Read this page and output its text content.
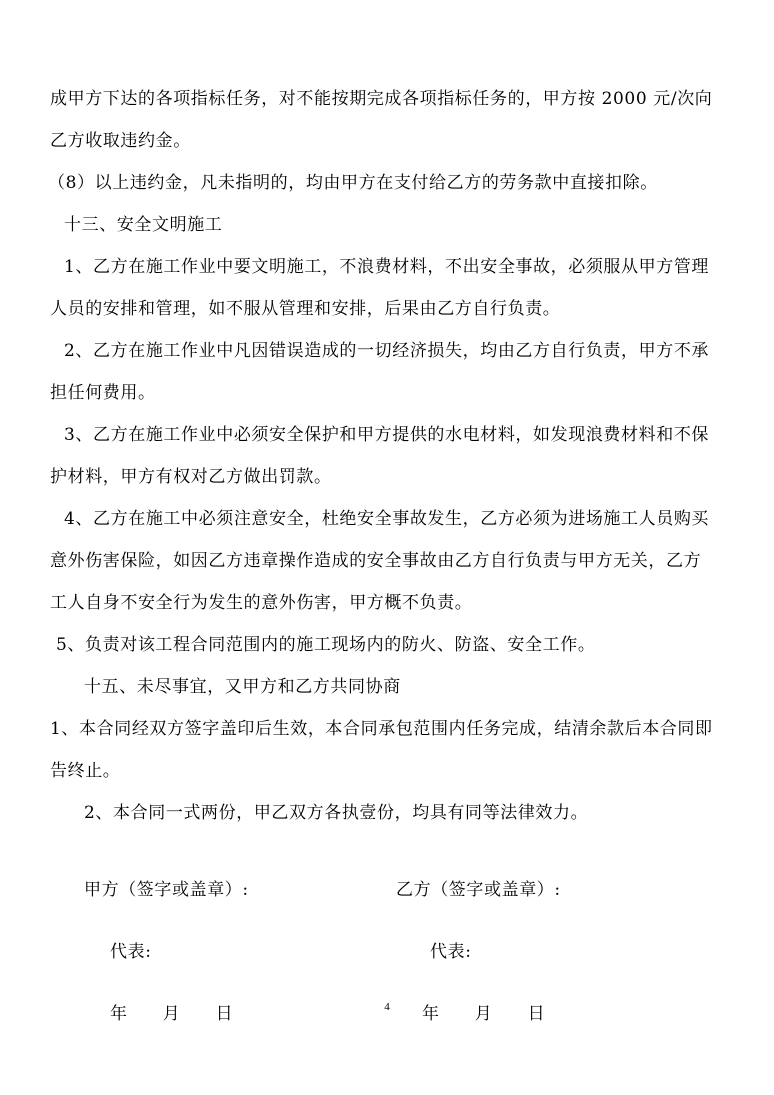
成甲方下达的各项指标任务，对不能按期完成各项指标任务的，甲方按 2000 元/次向
乙方收取违约金。
（8）以上违约金，凡未指明的，均由甲方在支付给乙方的劳务款中直接扣除。
十三、安全文明施工
1、乙方在施工作业中要文明施工，不浪费材料，不出安全事故，必须服从甲方管理
人员的安排和管理，如不服从管理和安排，后果由乙方自行负责。
2、乙方在施工作业中凡因错误造成的一切经济损失，均由乙方自行负责，甲方不承
担任何费用。
3、乙方在施工作业中必须安全保护和甲方提供的水电材料，如发现浪费材料和不保
护材料，甲方有权对乙方做出罚款。
4、乙方在施工中必须注意安全，杜绝安全事故发生，乙方必须为进场施工人员购买
意外伤害保险，如因乙方违章操作造成的安全事故由乙方自行负责与甲方无关，乙方
工人自身不安全行为发生的意外伤害，甲方概不负责。
5、负责对该工程合同范围内的施工现场内的防火、防盗、安全工作。
十五、未尽事宜，又甲方和乙方共同协商
1、本合同经双方签字盖印后生效，本合同承包范围内任务完成，结清余款后本合同即
告终止。
2、本合同一式两份，甲乙双方各执壹份，均具有同等法律效力。
甲方（签字或盖章）:	乙方（签字或盖章）:
代表:	代表:
年　　月　　日	年　　月　　日
4
